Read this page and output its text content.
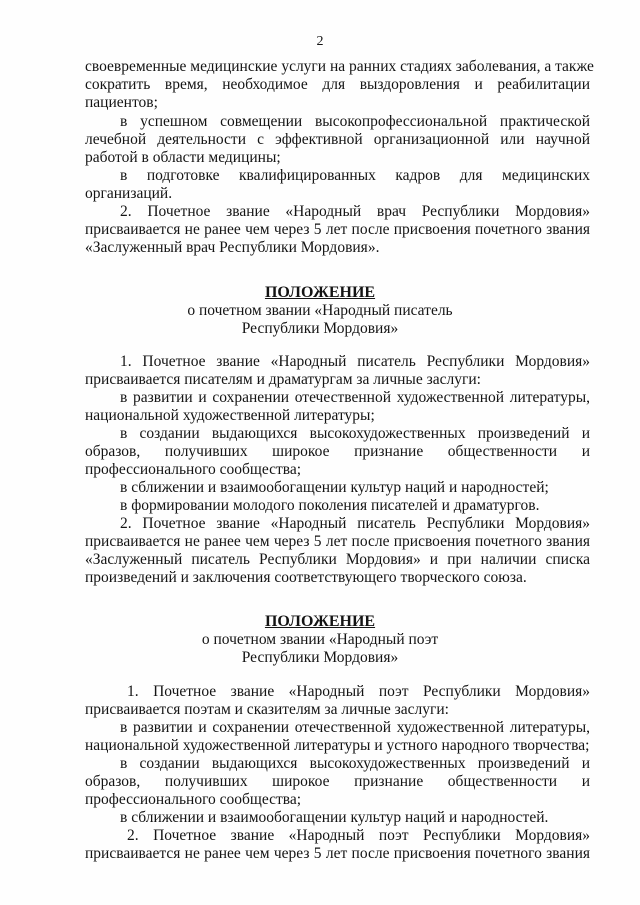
2
своевременные медицинские услуги на ранних стадиях заболевания, а также
сократить время, необходимое для выздоровления и реабилитации
пациентов;
в успешном совмещении высокопрофессиональной практической
лечебной деятельности с эффективной организационной или научной
работой в области медицины;
в подготовке квалифицированных кадров для медицинских
организаций.
2. Почетное звание «Народный врач Республики Мордовия»
присваивается не ранее чем через 5 лет после присвоения почетного звания
«Заслуженный врач Республики Мордовия».
ПОЛОЖЕНИЕ
о почетном звании «Народный писатель
Республики Мордовия»
1. Почетное звание «Народный писатель Республики Мордовия»
присваивается писателям и драматургам за личные заслуги:
в развитии и сохранении отечественной художественной литературы,
национальной художественной литературы;
в создании выдающихся высокохудожественных произведений и
образов, получивших широкое признание общественности и
профессионального сообщества;
в сближении и взаимообогащении культур наций и народностей;
в формировании молодого поколения писателей и драматургов.
2. Почетное звание «Народный писатель Республики Мордовия»
присваивается не ранее чем через 5 лет после присвоения почетного звания
«Заслуженный писатель Республики Мордовия» и при наличии списка
произведений и заключения соответствующего творческого союза.
ПОЛОЖЕНИЕ
о почетном звании «Народный поэт
Республики Мордовия»
1. Почетное звание «Народный поэт Республики Мордовия»
присваивается поэтам и сказителям за личные заслуги:
в развитии и сохранении отечественной художественной литературы,
национальной художественной литературы и устного народного творчества;
в создании выдающихся высокохудожественных произведений и
образов, получивших широкое признание общественности и
профессионального сообщества;
в сближении и взаимообогащении культур наций и народностей.
2. Почетное звание «Народный поэт Республики Мордовия»
присваивается не ранее чем через 5 лет после присвоения почетного звания
